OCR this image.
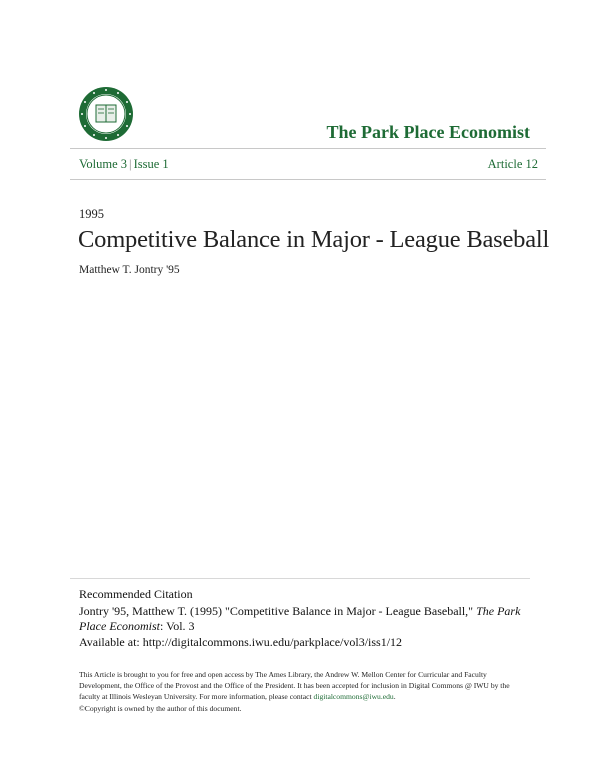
The Park Place Economist
Volume 3 | Issue 1	Article 12
1995
Competitive Balance in Major - League Baseball
Matthew T. Jontry '95
Recommended Citation
Jontry '95, Matthew T. (1995) "Competitive Balance in Major - League Baseball," The Park Place Economist: Vol. 3
Available at: http://digitalcommons.iwu.edu/parkplace/vol3/iss1/12
This Article is brought to you for free and open access by The Ames Library, the Andrew W. Mellon Center for Curricular and Faculty Development, the Office of the Provost and the Office of the President. It has been accepted for inclusion in Digital Commons @ IWU by the faculty at Illinois Wesleyan University. For more information, please contact digitalcommons@iwu.edu.
©Copyright is owned by the author of this document.
